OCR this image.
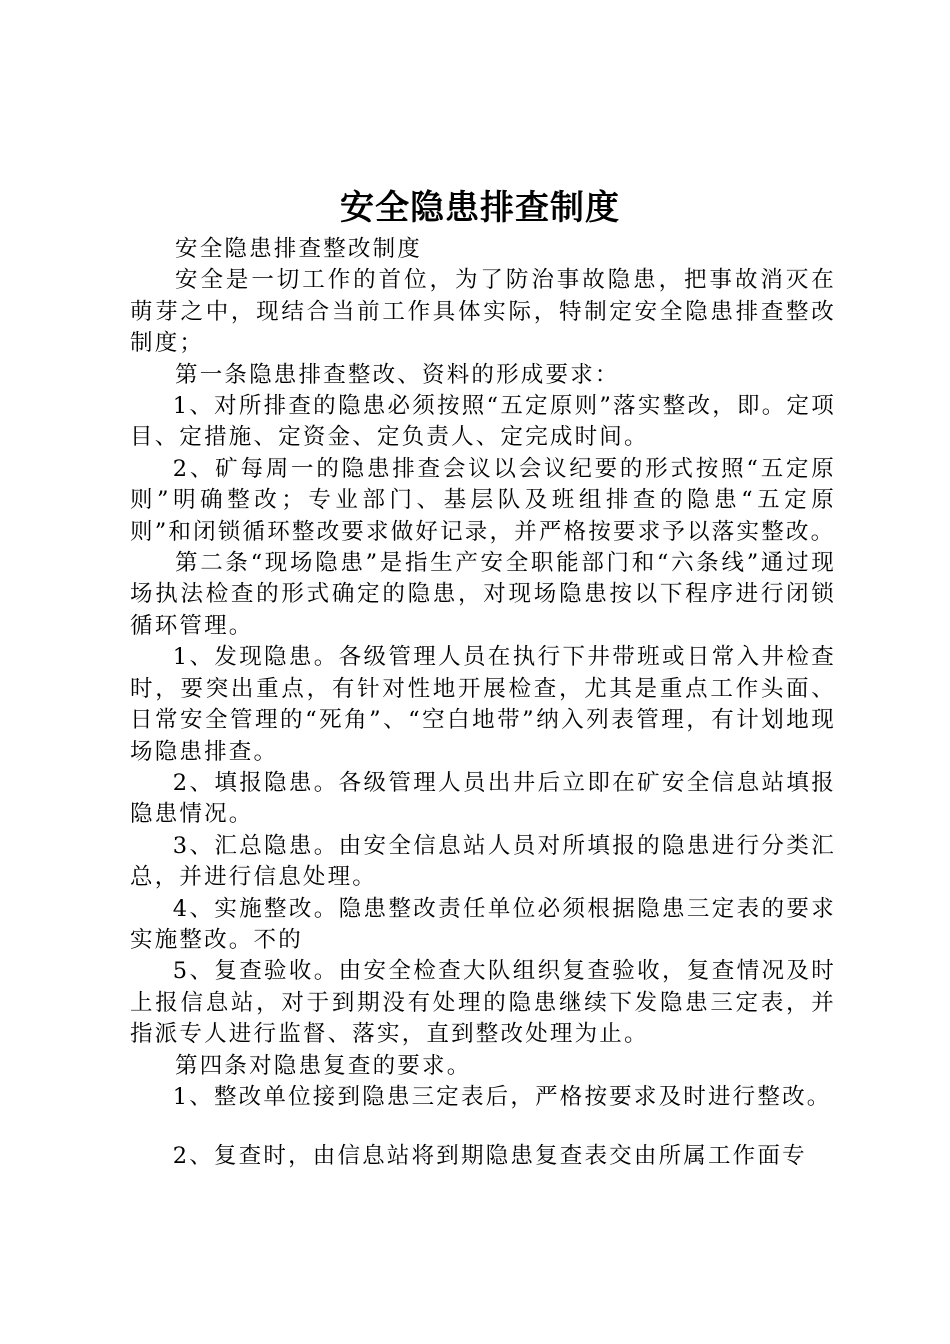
安全隐患排查制度

安全隐患排查整改制度

安全是一切工作的首位，为了防治事故隐患，把事故消灭在萌芽之中，现结合当前工作具体实际，特制定安全隐患排查整改制度；

第一条隐患排查整改、资料的形成要求：

1、对所排查的隐患必须按照“五定原则”落实整改，即。定项目、定措施、定资金、定负责人、定完成时间。

2、矿每周一的隐患排查会议以会议纪要的形式按照“五定原则”明确整改；专业部门、基层队及班组排查的隐患“五定原则”和闭锁循环整改要求做好记录，并严格按要求予以落实整改。

第二条“现场隐患”是指生产安全职能部门和“六条线”通过现场执法检查的形式确定的隐患，对现场隐患按以下程序进行闭锁循环管理。

1、发现隐患。各级管理人员在执行下井带班或日常入井检查时，要突出重点，有针对性地开展检查，尤其是重点工作头面、日常安全管理的“死角”、“空白地带”纳入列表管理，有计划地现场隐患排查。

2、填报隐患。各级管理人员出井后立即在矿安全信息站填报隐患情况。

3、汇总隐患。由安全信息站人员对所填报的隐患进行分类汇总，并进行信息处理。

4、实施整改。隐患整改责任单位必须根据隐患三定表的要求实施整改。不的

5、复查验收。由安全检查大队组织复查验收，复查情况及时上报信息站，对于到期没有处理的隐患继续下发隐患三定表，并指派专人进行监督、落实，直到整改处理为止。

第四条对隐患复查的要求。

1、整改单位接到隐患三定表后，严格按要求及时进行整改。

2、复查时，由信息站将到期隐患复查表交由所属工作面专
